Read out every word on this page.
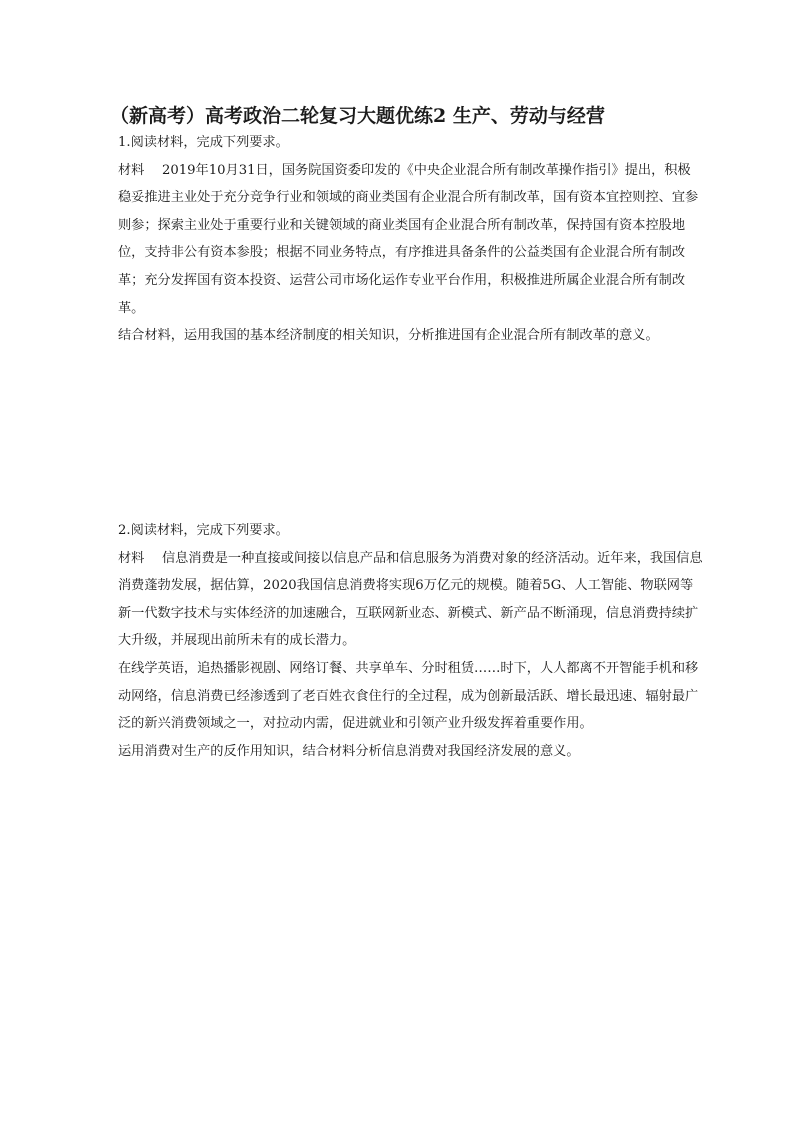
（新高考）高考政治二轮复习大题优练2 生产、劳动与经营

1.阅读材料，完成下列要求。

材料 2019年10月31日，国务院国资委印发的《中央企业混合所有制改革操作指引》提出，积极稳妥推进主业处于充分竞争行业和领域的商业类国有企业混合所有制改革，国有资本宜控则控、宜参则参；探索主业处于重要行业和关键领域的商业类国有企业混合所有制改革，保持国有资本控股地位，支持非公有资本参股；根据不同业务特点，有序推进具备条件的公益类国有企业混合所有制改革；充分发挥国有资本投资、运营公司市场化运作专业平台作用，积极推进所属企业混合所有制改革。

结合材料，运用我国的基本经济制度的相关知识，分析推进国有企业混合所有制改革的意义。

2.阅读材料，完成下列要求。

材料 信息消费是一种直接或间接以信息产品和信息服务为消费对象的经济活动。近年来，我国信息消费蓬勃发展，据估算，2020我国信息消费将实现6万亿元的规模。随着5G、人工智能、物联网等新一代数字技术与实体经济的加速融合，互联网新业态、新模式、新产品不断涌现，信息消费持续扩大升级，并展现出前所未有的成长潜力。

在线学英语，追热播影视剧、网络订餐、共享单车、分时租赁……时下，人人都离不开智能手机和移动网络，信息消费已经渗透到了老百姓衣食住行的全过程，成为创新最活跃、增长最迅速、辐射最广泛的新兴消费领域之一，对拉动内需，促进就业和引领产业升级发挥着重要作用。

运用消费对生产的反作用知识，结合材料分析信息消费对我国经济发展的意义。
